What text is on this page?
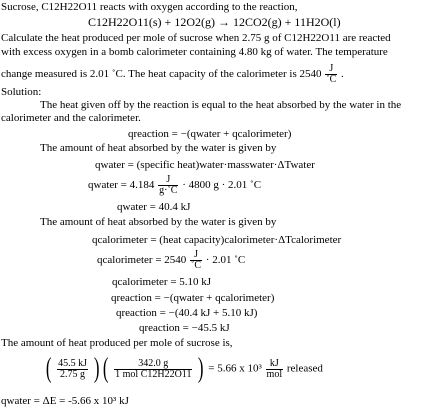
Sucrose, C12H22O11 reacts with oxygen according to the reaction,
C12H22O11(s) + 12O2(g) → 12CO2(g) + 11H2O(l)
Calculate the heat produced per mole of sucrose when 2.75 g of C12H22O11 are reacted
with excess oxygen in a bomb calorimeter containing 4.80 kg of water. The temperature
change measured is 2.01 ˚C. The heat capacity of the calorimeter is $2540 \frac{J}{˚C}$ .
Solution:
The heat given off by the reaction is equal to the heat absorbed by the water in the
calorimeter and the calorimeter.
qreaction = −(qwater + qcalorimeter)
The amount of heat absorbed by the water is given by
qwater = (specific heat)water·masswater·ΔTwater
qwater = $4.184 \frac{J}{g\cdot˚C} \cdot 4800$ g · 2.01 ˚C
qwater = 40.4 kJ
The amount of heat absorbed by the water is given by
qcalorimeter = (heat capacity)calorimeter·ΔTcalorimeter
qcalorimeter = $2540 \frac{J}{˚C} \cdot 2.01$ ˚C
qcalorimeter = 5.10 kJ
qreaction = −(qwater + qcalorimeter)
qreaction = −(40.4 kJ + 5.10 kJ)
qreaction = −45.5 kJ
The amount of heat produced per mole of sucrose is,
( $\frac{45.5 kJ}{2.75 g}$ ) ( $\frac{342.0 g}{\text{1 mol C12H22O11}}$ ) = 5.66 x $10^3 \frac{kJ}{\text{mol}}$ released
qwater = ΔE = -5.66 x 10³ kJ
